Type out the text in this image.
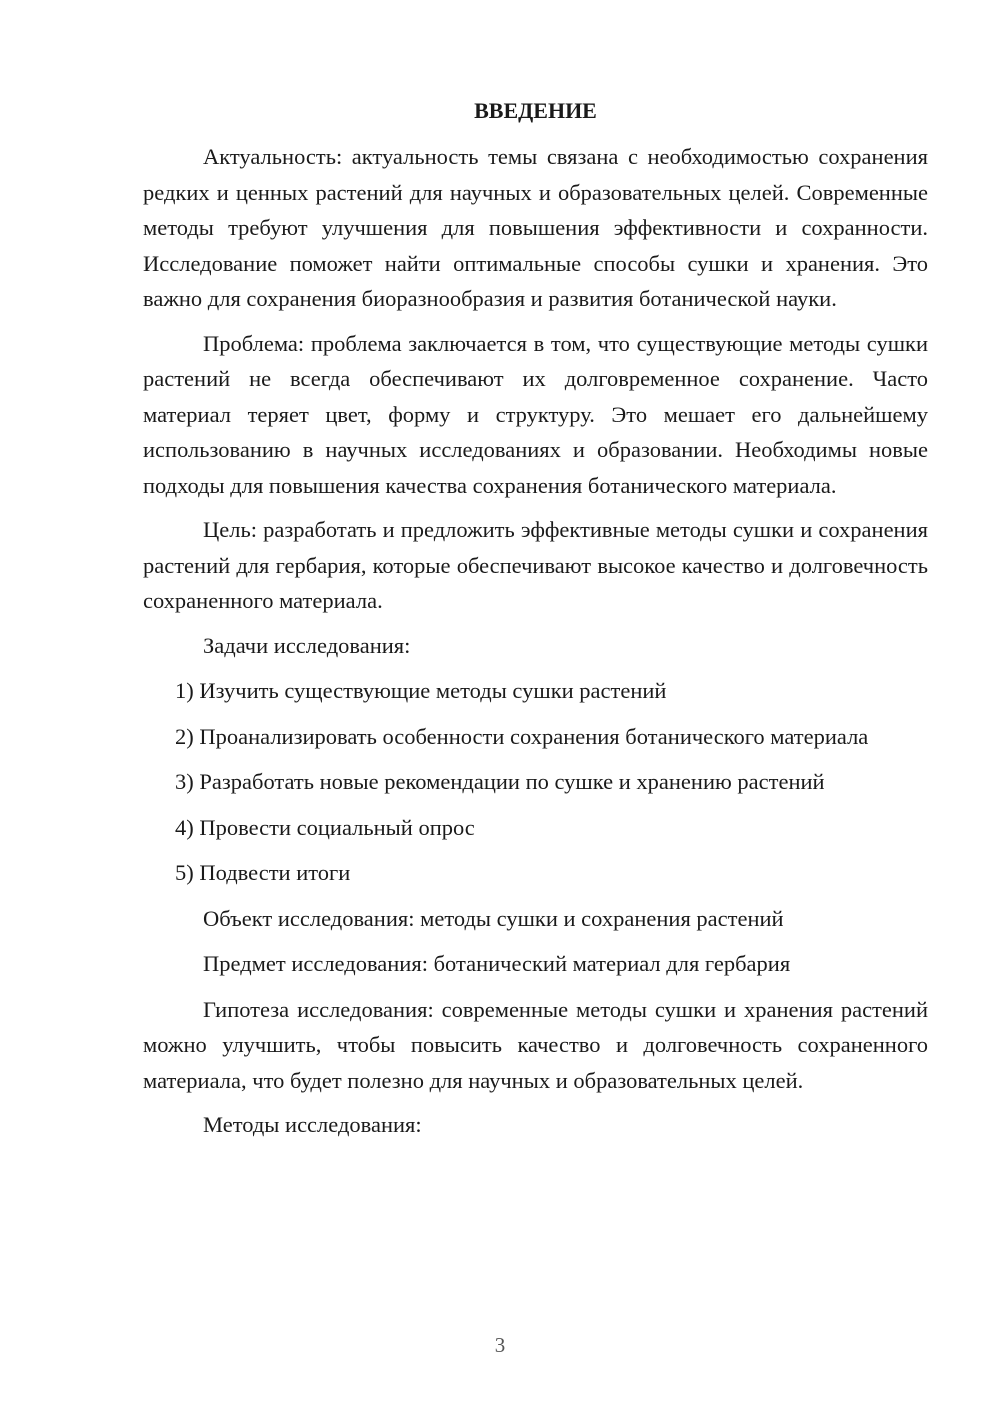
ВВЕДЕНИЕ

Актуальность: актуальность темы связана с необходимостью сохранения редких и ценных растений для научных и образовательных целей. Современные методы требуют улучшения для повышения эффективности и сохранности. Исследование поможет найти оптимальные способы сушки и хранения. Это важно для сохранения биоразнообразия и развития ботанической науки.

Проблема: проблема заключается в том, что существующие методы сушки растений не всегда обеспечивают их долговременное сохранение. Часто материал теряет цвет, форму и структуру. Это мешает его дальнейшему использованию в научных исследованиях и образовании. Необходимы новые подходы для повышения качества сохранения ботанического материала.

Цель: разработать и предложить эффективные методы сушки и сохранения растений для гербария, которые обеспечивают высокое качество и долговечность сохраненного материала.

Задачи исследования:

1) Изучить существующие методы сушки растений

2) Проанализировать особенности сохранения ботанического материала

3) Разработать новые рекомендации по сушке и хранению растений

4) Провести социальный опрос

5) Подвести итоги

Объект исследования: методы сушки и сохранения растений

Предмет исследования: ботанический материал для гербария

Гипотеза исследования: современные методы сушки и хранения растений можно улучшить, чтобы повысить качество и долговечность сохраненного материала, что будет полезно для научных и образовательных целей.

Методы исследования:

3
